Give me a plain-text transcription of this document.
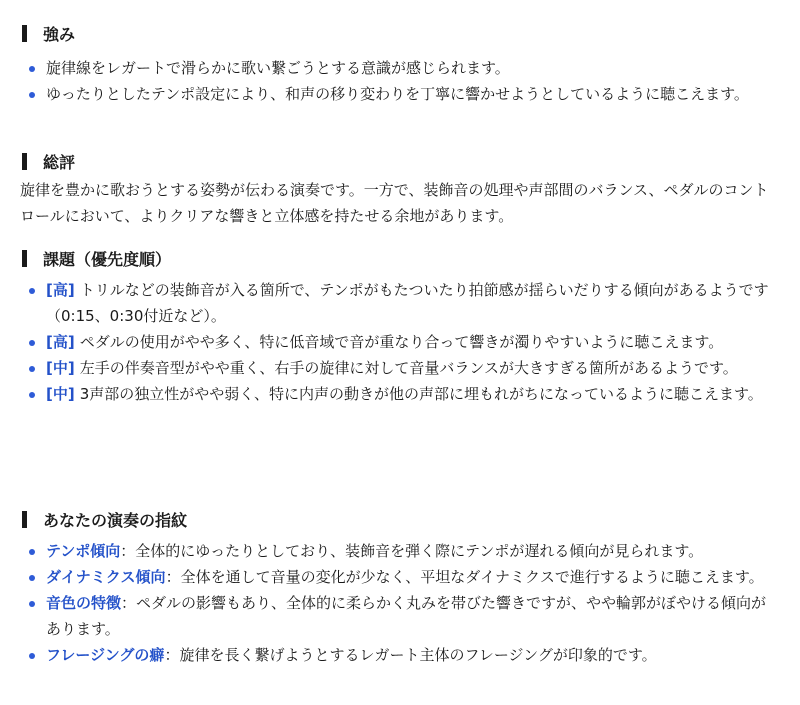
強み
旋律線をレガートで滑らかに歌い繋ごうとする意識が感じられます。
ゆったりとしたテンポ設定により、和声の移り変わりを丁寧に響かせようとしているように聴こえます。
総評

旋律を豊かに歌おうとする姿勢が伝わる演奏です。一方で、装飾音の処理や声部間のバランス、ペダルのコントロールにおいて、よりクリアな響きと立体感を持たせる余地があります。

課題（優先度順）
[高] トリルなどの装飾音が入る箇所で、テンポがもたついたり拍節感が揺らいだりする傾向があるようです（0:15、0:30付近など）。
[高] ペダルの使用がやや多く、特に低音域で音が重なり合って響きが濁りやすいように聴こえます。
[中] 左手の伴奏音型がやや重く、右手の旋律に対して音量バランスが大きすぎる箇所があるようです。
[中] 3声部の独立性がやや弱く、特に内声の動きが他の声部に埋もれがちになっているように聴こえます。
あなたの演奏の指紋
テンポ傾向：全体的にゆったりとしており、装飾音を弾く際にテンポが遅れる傾向が見られます。
ダイナミクス傾向：全体を通して音量の変化が少なく、平坦なダイナミクスで進行するように聴こえます。
音色の特徴：ペダルの影響もあり、全体的に柔らかく丸みを帯びた響きですが、やや輪郭がぼやける傾向があります。
フレージングの癖：旋律を長く繋げようとするレガート主体のフレージングが印象的です。
